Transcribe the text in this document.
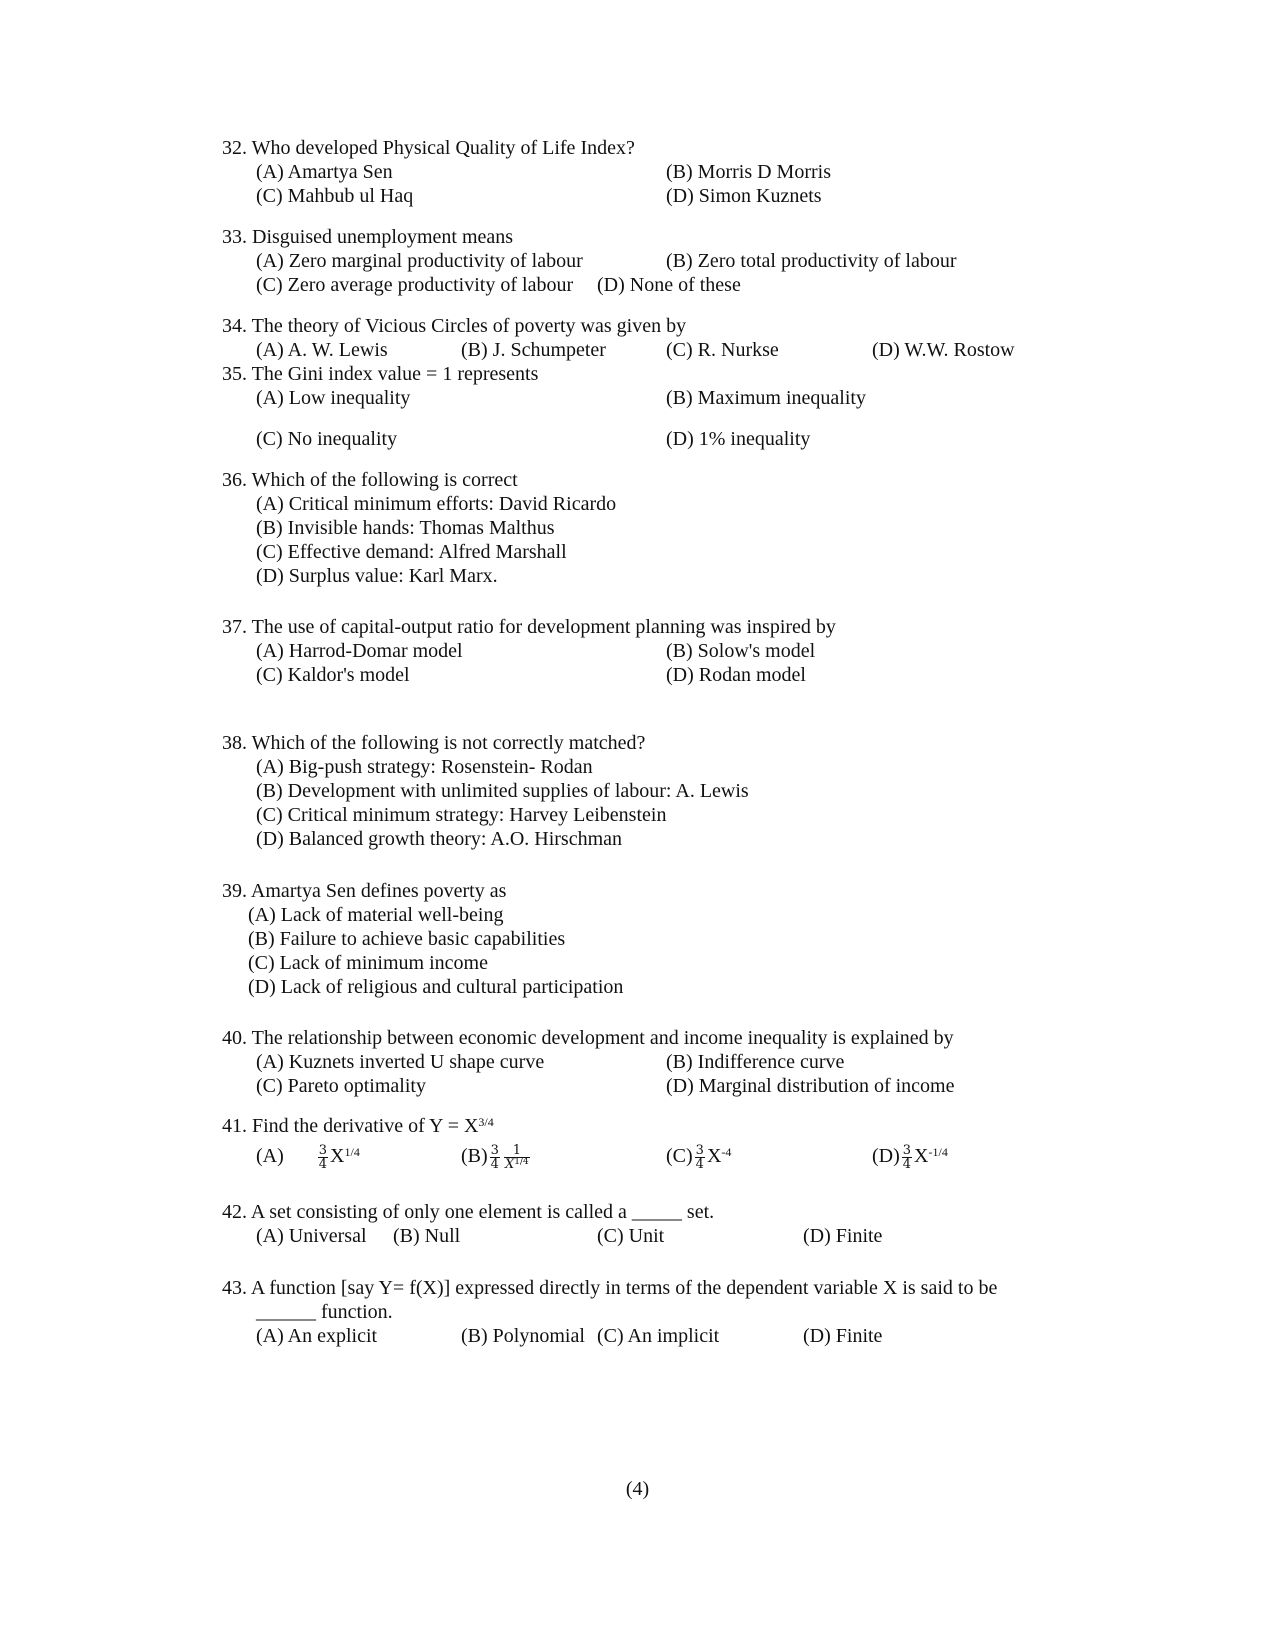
32. Who developed Physical Quality of Life Index?
(A) Amartya Sen	(B) Morris D Morris
(C) Mahbub ul Haq	(D) Simon Kuznets
33. Disguised unemployment means
(A) Zero marginal productivity of labour	(B) Zero total productivity of labour
(C) Zero average productivity of labour (D) None of these
34. The theory of Vicious Circles of poverty was given by
(A) A. W. Lewis	(B) J. Schumpeter	(C) R. Nurkse	(D) W.W. Rostow
35. The Gini index value = 1 represents
(A) Low inequality	(B) Maximum inequality
(C) No inequality	(D) 1% inequality
36. Which of the following is correct
(A) Critical minimum efforts: David Ricardo
(B) Invisible hands: Thomas Malthus
(C) Effective demand: Alfred Marshall
(D) Surplus value: Karl Marx.
37. The use of capital-output ratio for development planning was inspired by
(A) Harrod-Domar model	(B) Solow's model
(C) Kaldor's model	(D) Rodan model
38. Which of the following is not correctly matched?
(A) Big-push strategy: Rosenstein- Rodan
(B) Development with unlimited supplies of labour: A. Lewis
(C) Critical minimum strategy: Harvey Leibenstein
(D) Balanced growth theory: A.O. Hirschman
39. Amartya Sen defines poverty as
(A) Lack of material well-being
(B) Failure to achieve basic capabilities
(C) Lack of minimum income
(D) Lack of religious and cultural participation
40. The relationship between economic development and income inequality is explained by
(A) Kuznets inverted U shape curve	(B) Indifference curve
(C) Pareto optimality	(D) Marginal distribution of income
41. Find the derivative of $Y = X^{3/4}$
(A)	$\frac{3}{4} X^{1/4}$	$(B) \frac{3}{4} \frac{1}{X^{1/4}}$	$(C) \frac{3}{4} X^{-4}$	$(D) \frac{3}{4} X^{-1/4}$
42. A set consisting of only one element is called a _____ set.
(A) Universal (B) Null	(C) Unit	(D) Finite
43. A function [say Y= f(X)] expressed directly in terms of the dependent variable X is said to be
______ function.
(A) An explicit	(B) Polynomial (C) An implicit	(D) Finite
(4)
